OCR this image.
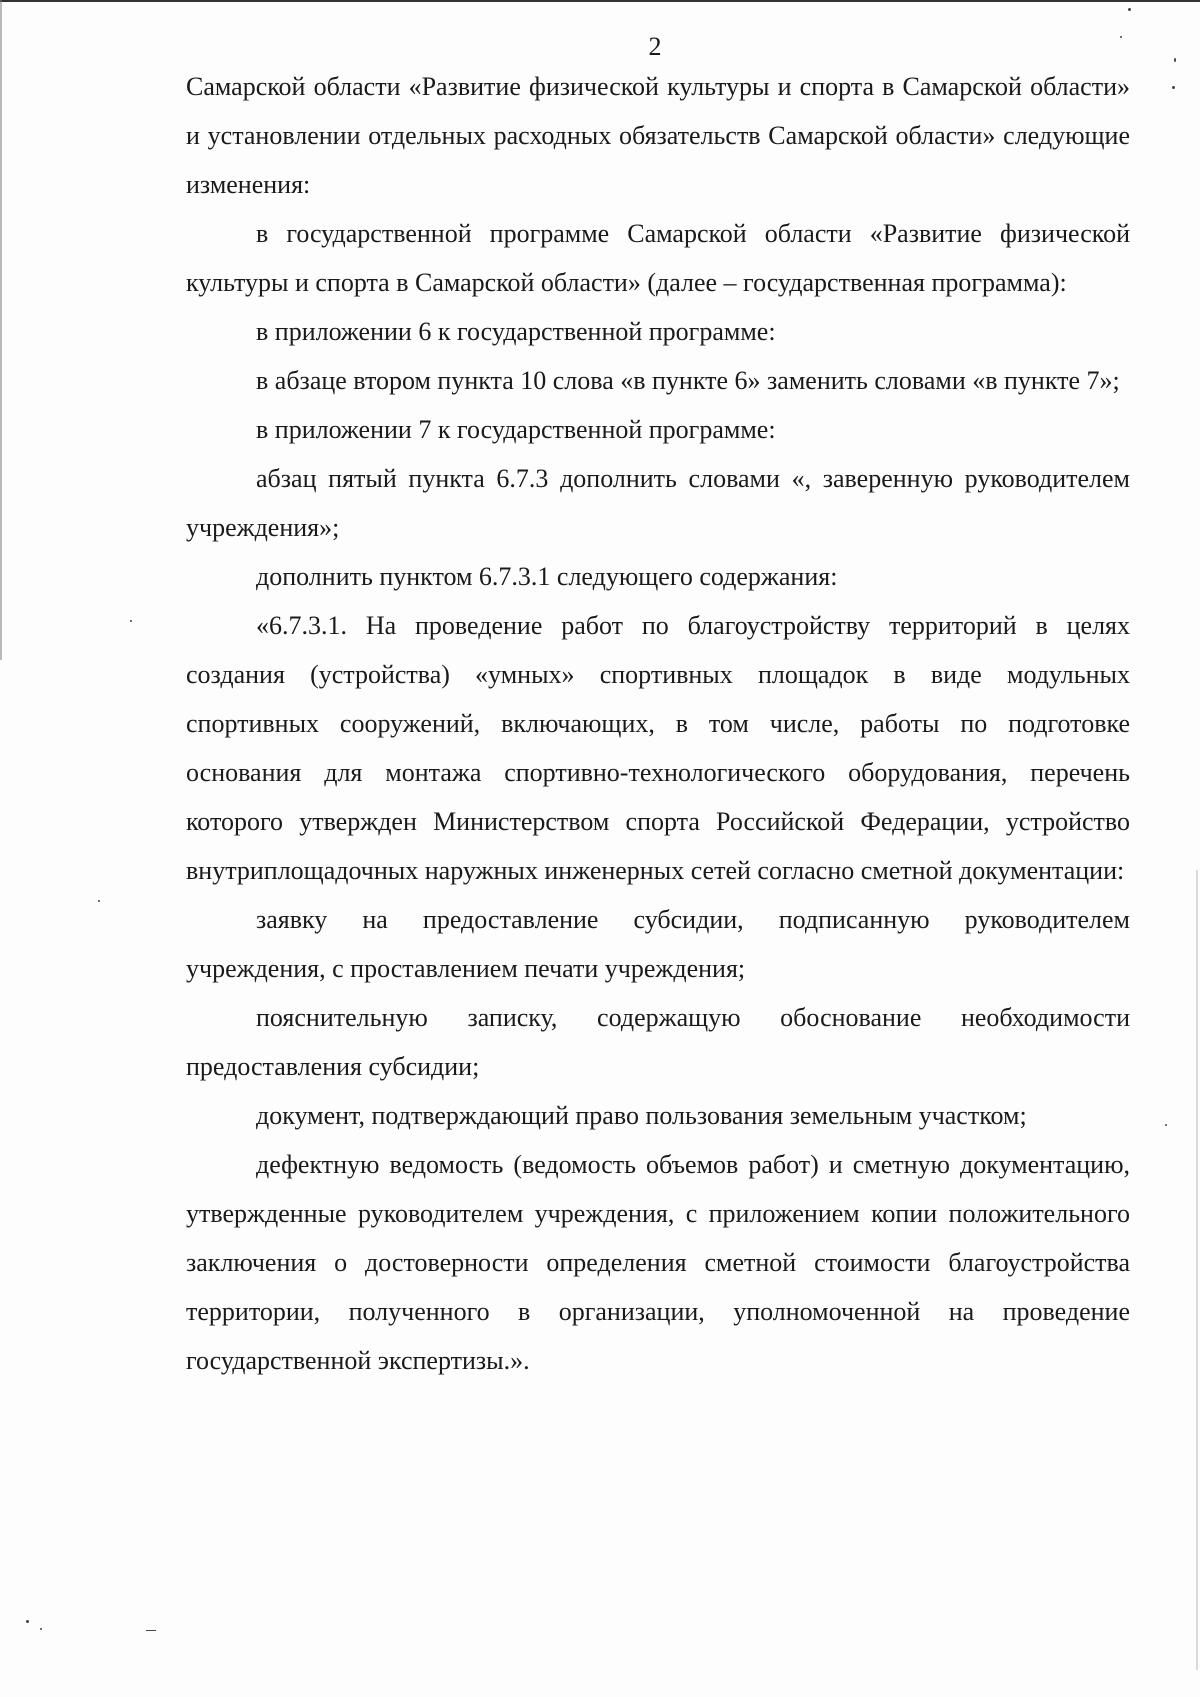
2

Самарской области «Развитие физической культуры и спорта в Самарской области» и установлении отдельных расходных обязательств Самарской области» следующие изменения:

в государственной программе Самарской области «Развитие физической культуры и спорта в Самарской области» (далее – государственная программа):

в приложении 6 к государственной программе:

в абзаце втором пункта 10 слова «в пункте 6» заменить словами «в пункте 7»;

в приложении 7 к государственной программе:

абзац пятый пункта 6.7.3 дополнить словами «, заверенную руководителем учреждения»;

дополнить пунктом 6.7.3.1 следующего содержания:

«6.7.3.1. На проведение работ по благоустройству территорий в целях создания (устройства) «умных» спортивных площадок в виде модульных спортивных сооружений, включающих, в том числе, работы по подготовке основания для монтажа спортивно-технологического оборудования, перечень которого утвержден Министерством спорта Российской Федерации, устройство внутриплощадочных наружных инженерных сетей согласно сметной документации:

заявку на предоставление субсидии, подписанную руководителем учреждения, с проставлением печати учреждения;

пояснительную записку, содержащую обоснование необходимости предоставления субсидии;

документ, подтверждающий право пользования земельным участком;

дефектную ведомость (ведомость объемов работ) и сметную документацию, утвержденные руководителем учреждения, с приложением копии положительного заключения о достоверности определения сметной стоимости благоустройства территории, полученного в организации, уполномоченной на проведение государственной экспертизы.».
